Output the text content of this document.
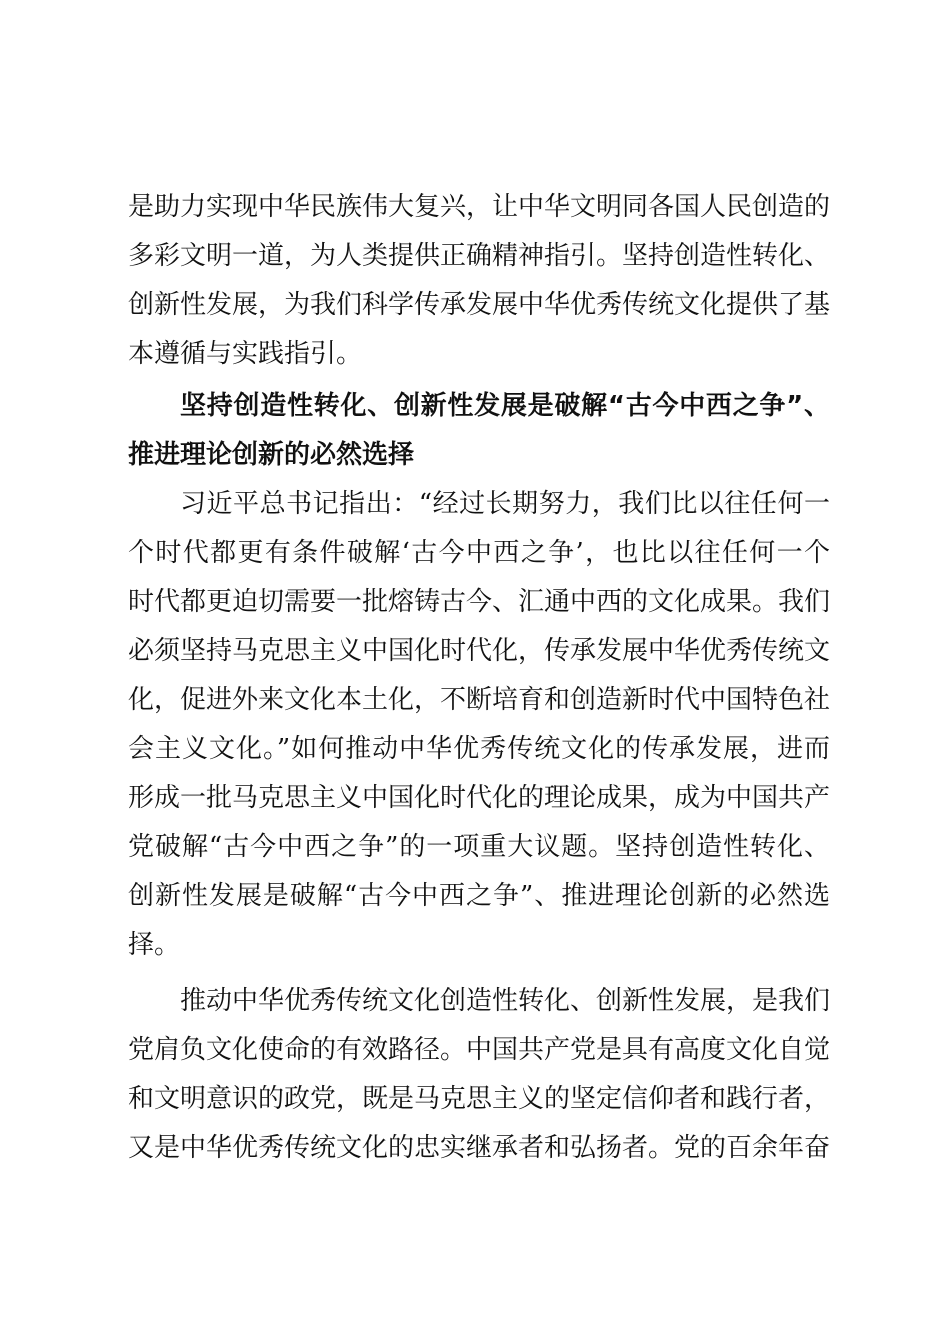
是助力实现中华民族伟大复兴，让中华文明同各国人民创造的
多彩文明一道，为人类提供正确精神指引。坚持创造性转化、
创新性发展，为我们科学传承发展中华优秀传统文化提供了基
本遵循与实践指引。
坚持创造性转化、创新性发展是破解“古今中西之争”、
推进理论创新的必然选择
习近平总书记指出：“经过长期努力，我们比以往任何一
个时代都更有条件破解‘古今中西之争’，也比以往任何一个
时代都更迫切需要一批熔铸古今、汇通中西的文化成果。我们
必须坚持马克思主义中国化时代化，传承发展中华优秀传统文
化，促进外来文化本土化，不断培育和创造新时代中国特色社
会主义文化。”如何推动中华优秀传统文化的传承发展，进而
形成一批马克思主义中国化时代化的理论成果，成为中国共产
党破解“古今中西之争”的一项重大议题。坚持创造性转化、
创新性发展是破解“古今中西之争”、推进理论创新的必然选
择。
推动中华优秀传统文化创造性转化、创新性发展，是我们
党肩负文化使命的有效路径。中国共产党是具有高度文化自觉
和文明意识的政党，既是马克思主义的坚定信仰者和践行者，
又是中华优秀传统文化的忠实继承者和弘扬者。党的百余年奋
